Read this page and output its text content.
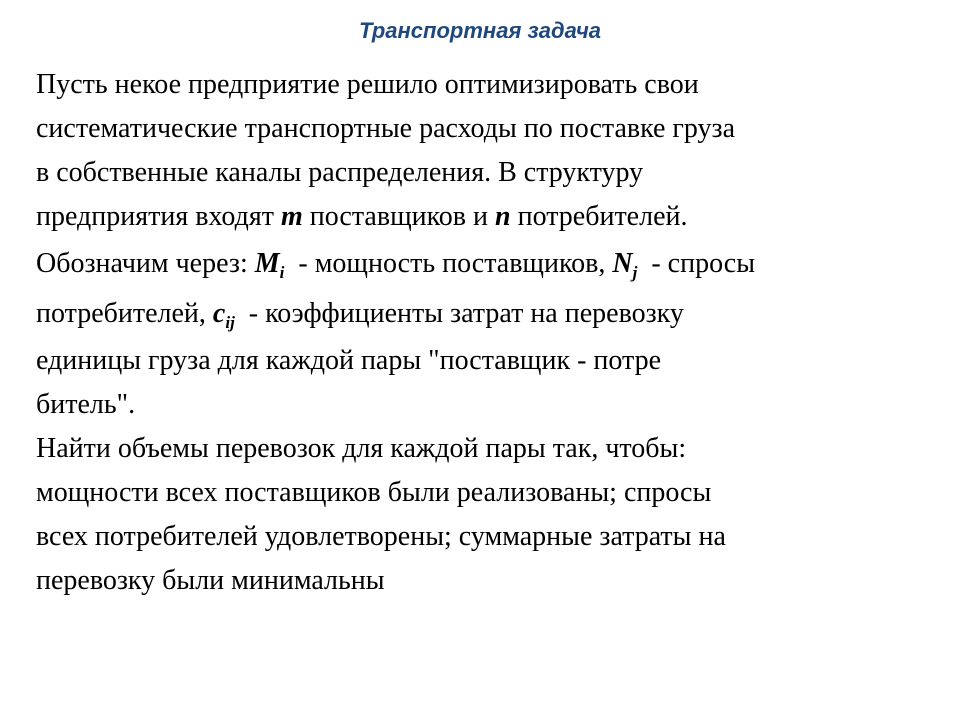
Транспортная задача
Пусть некое предприятие решило оптимизировать свои
систематические транспортные расходы по поставке груза
в собственные каналы распределения. В структуру
предприятия входят m поставщиков и n потребителей.
Обозначим через: $M_i$  - мощность поставщиков, $N_j$  - спросы
потребителей, $c_{ij}$  - коэффициенты затрат на перевозку
единицы груза для каждой пары "поставщик - потре
битель".
Найти объемы перевозок для каждой пары так, чтобы:
мощности всех поставщиков были реализованы; спросы
всех потребителей удовлетворены; суммарные затраты на
перевозку были минимальны
